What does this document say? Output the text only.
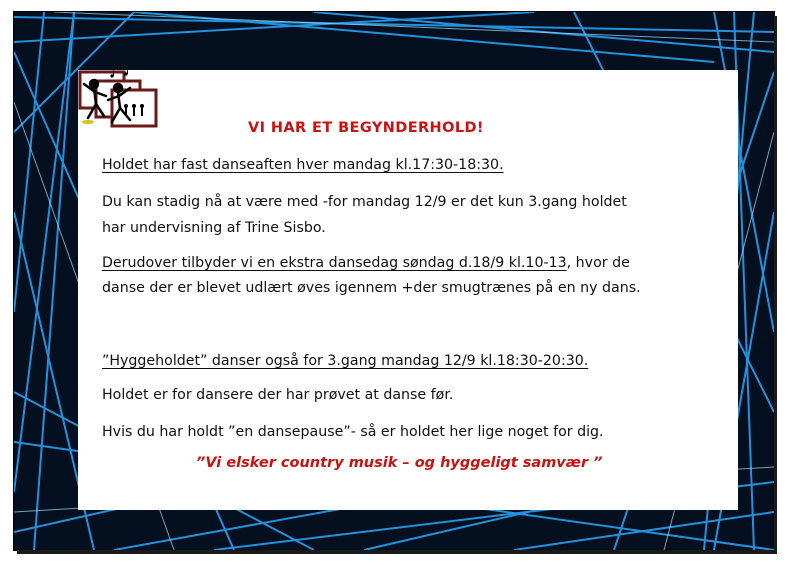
VI HAR ET BEGYNDERHOLD!

Holdet har fast danseaften hver mandag kl.17:30-18:30.

Du kan stadig nå at være med -for mandag 12/9 er det kun 3.gang holdet

har undervisning af Trine Sisbo.

Derudover tilbyder vi en ekstra dansedag søndag d.18/9 kl.10-13, hvor de

danse der er blevet udlært øves igennem +der smugtrænes på en ny dans.

”Hyggeholdet” danser også for 3.gang mandag 12/9 kl.18:30-20:30.

Holdet er for dansere der har prøvet at danse før.

Hvis du har holdt ”en dansepause”- så er holdet her lige noget for dig.

”Vi elsker country musik – og hyggeligt samvær ”
